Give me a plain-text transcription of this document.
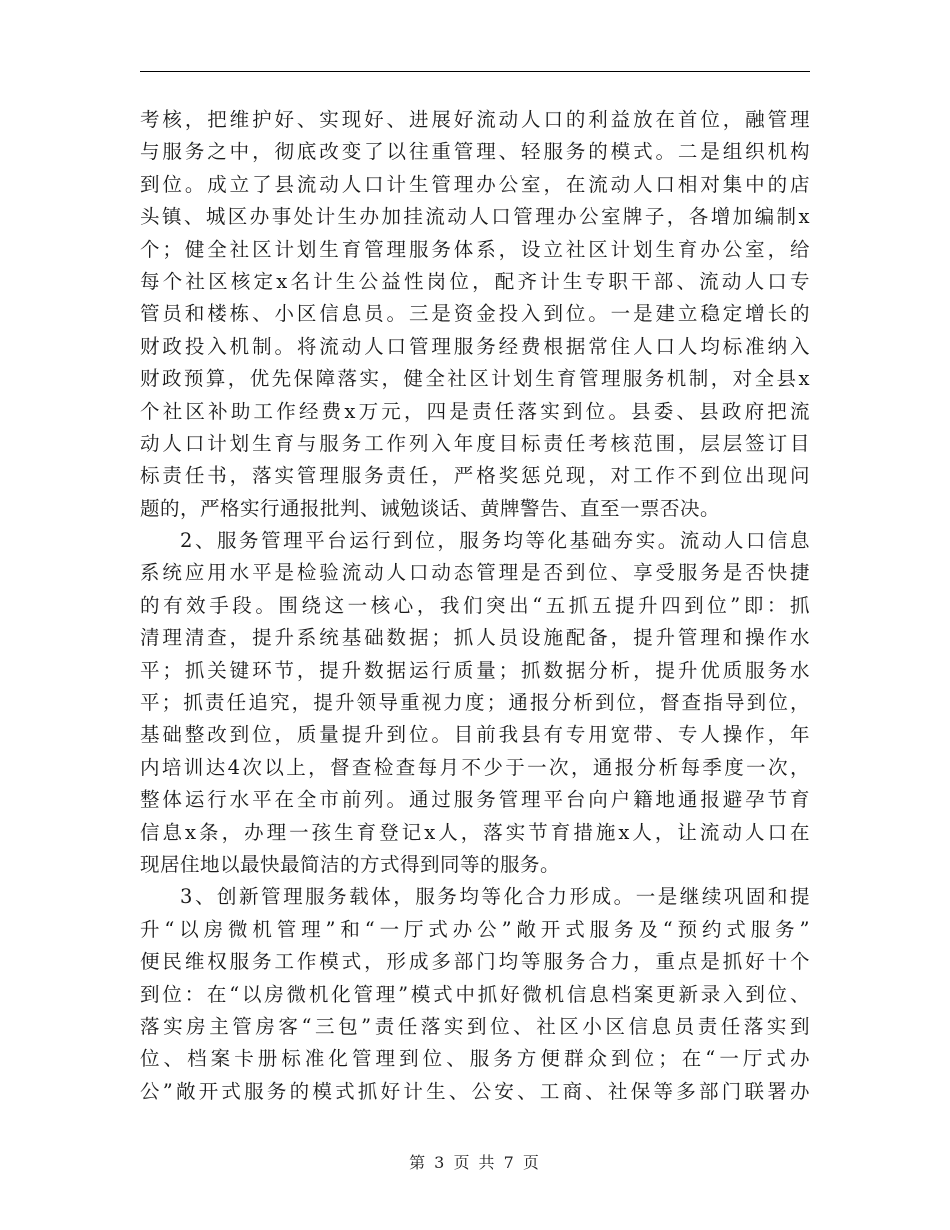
考核，把维护好、实现好、进展好流动人口的利益放在首位，融管理
与服务之中，彻底改变了以往重管理、轻服务的模式。二是组织机构
到位。成立了县流动人口计生管理办公室，在流动人口相对集中的店
头镇、城区办事处计生办加挂流动人口管理办公室牌子，各增加编制x
个；健全社区计划生育管理服务体系，设立社区计划生育办公室，给
每个社区核定x名计生公益性岗位，配齐计生专职干部、流动人口专
管员和楼栋、小区信息员。三是资金投入到位。一是建立稳定增长的
财政投入机制。将流动人口管理服务经费根据常住人口人均标准纳入
财政预算，优先保障落实，健全社区计划生育管理服务机制，对全县x
个社区补助工作经费x万元，四是责任落实到位。县委、县政府把流
动人口计划生育与服务工作列入年度目标责任考核范围，层层签订目
标责任书，落实管理服务责任，严格奖惩兑现，对工作不到位出现问
题的，严格实行通报批判、诫勉谈话、黄牌警告、直至一票否决。
2、服务管理平台运行到位，服务均等化基础夯实。流动人口信息
系统应用水平是检验流动人口动态管理是否到位、享受服务是否快捷
的有效手段。围绕这一核心，我们突出“五抓五提升四到位”即：抓
清理清查，提升系统基础数据；抓人员设施配备，提升管理和操作水
平；抓关键环节，提升数据运行质量；抓数据分析，提升优质服务水
平；抓责任追究，提升领导重视力度；通报分析到位，督查指导到位，
基础整改到位，质量提升到位。目前我县有专用宽带、专人操作，年
内培训达4次以上，督查检查每月不少于一次，通报分析每季度一次，
整体运行水平在全市前列。通过服务管理平台向户籍地通报避孕节育
信息x条，办理一孩生育登记x人，落实节育措施x人，让流动人口在
现居住地以最快最简洁的方式得到同等的服务。
3、创新管理服务载体，服务均等化合力形成。一是继续巩固和提
升“以房微机管理”和“一厅式办公”敞开式服务及“预约式服务”
便民维权服务工作模式，形成多部门均等服务合力，重点是抓好十个
到位：在“以房微机化管理”模式中抓好微机信息档案更新录入到位、
落实房主管房客“三包”责任落实到位、社区小区信息员责任落实到
位、档案卡册标准化管理到位、服务方便群众到位；在“一厅式办
公”敞开式服务的模式抓好计生、公安、工商、社保等多部门联署办
第 3 页 共 7 页
